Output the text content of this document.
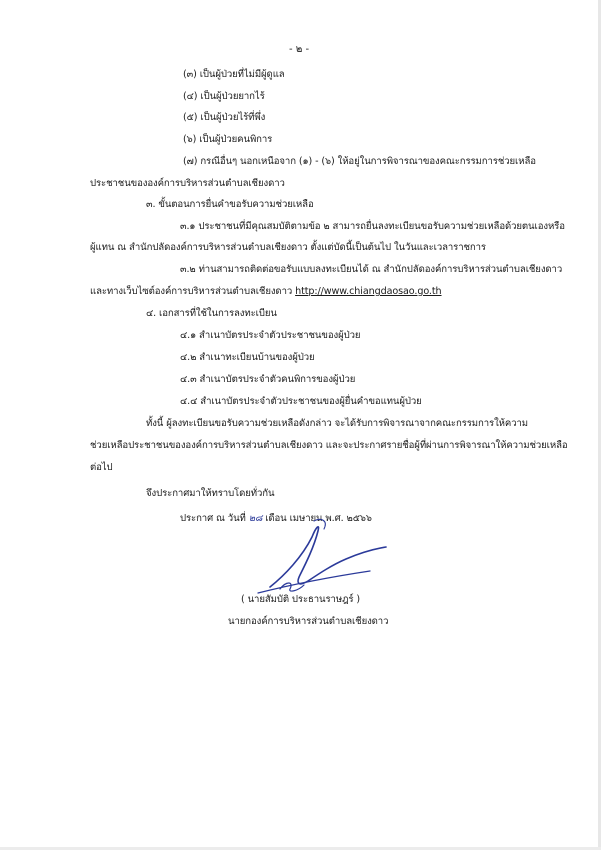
- ๒ -
(๓) เป็นผู้ป่วยที่ไม่มีผู้ดูแล
(๔) เป็นผู้ป่วยยากไร้
(๕) เป็นผู้ป่วยไร้ที่พึ่ง
(๖) เป็นผู้ป่วยคนพิการ
(๗) กรณีอื่นๆ นอกเหนือจาก (๑) - (๖) ให้อยู่ในการพิจารณาของคณะกรรมการช่วยเหลือ
ประชาชนขององค์การบริหารส่วนตำบลเชียงดาว
๓. ขั้นตอนการยื่นคำขอรับความช่วยเหลือ
๓.๑ ประชาชนที่มีคุณสมบัติตามข้อ ๒ สามารถยื่นลงทะเบียนขอรับความช่วยเหลือด้วยตนเองหรือ
ผู้แทน ณ สำนักปลัดองค์การบริหารส่วนตำบลเชียงดาว ตั้งแต่บัดนี้เป็นต้นไป ในวันและเวลาราชการ
๓.๒ ท่านสามารถติดต่อขอรับแบบลงทะเบียนได้ ณ สำนักปลัดองค์การบริหารส่วนตำบลเชียงดาว
และทางเว็บไซต์องค์การบริหารส่วนตำบลเชียงดาว http://www.chiangdaosao.go.th
๔. เอกสารที่ใช้ในการลงทะเบียน
๔.๑ สำเนาบัตรประจำตัวประชาชนของผู้ป่วย
๔.๒ สำเนาทะเบียนบ้านของผู้ป่วย
๔.๓ สำเนาบัตรประจำตัวคนพิการของผู้ป่วย
๔.๔ สำเนาบัตรประจำตัวประชาชนของผู้ยื่นคำขอแทนผู้ป่วย
ทั้งนี้ ผู้ลงทะเบียนขอรับความช่วยเหลือดังกล่าว จะได้รับการพิจารณาจากคณะกรรมการให้ความ
ช่วยเหลือประชาชนขององค์การบริหารส่วนตำบลเชียงดาว และจะประกาศรายชื่อผู้ที่ผ่านการพิจารณาให้ความช่วยเหลือ
ต่อไป
จึงประกาศมาให้ทราบโดยทั่วกัน
ประกาศ ณ วันที่ ๒๘ เดือน เมษายน พ.ศ. ๒๕๖๖
( นายสัมบัติ ประธานราษฎร์ )
นายกองค์การบริหารส่วนตำบลเชียงดาว
